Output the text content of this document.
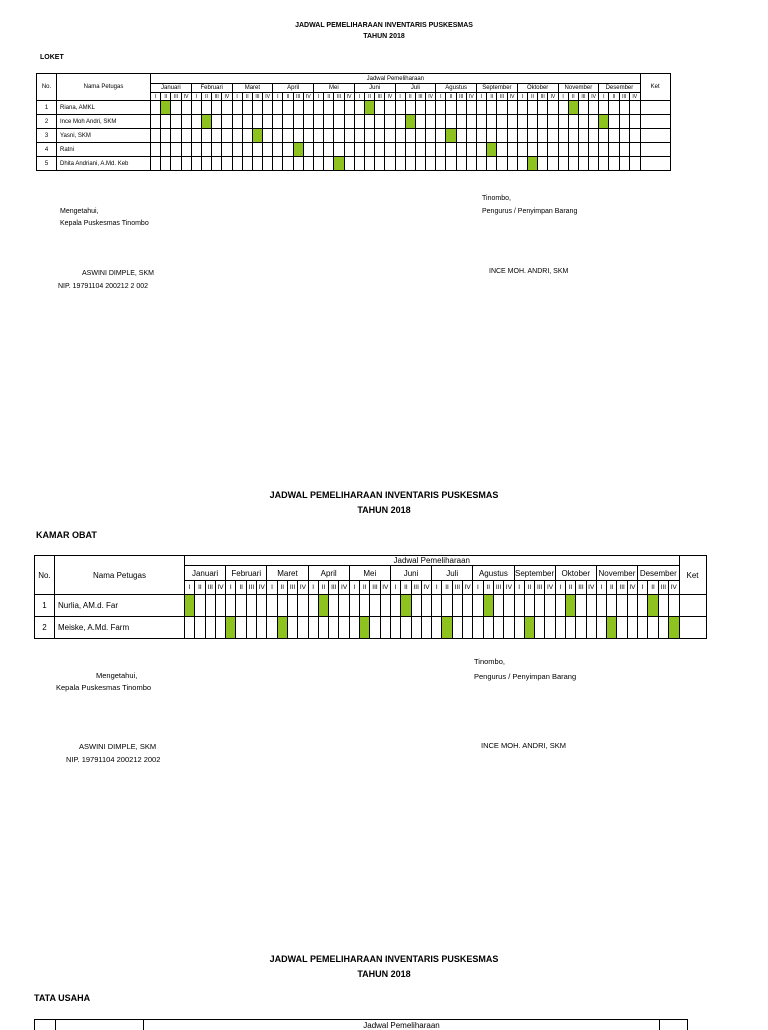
JADWAL PEMELIHARAAN INVENTARIS PUSKESMAS
TAHUN 2018
LOKET
No.	Nama Petugas	Jadwal Pemeliharaan																																																Ket
		Januari				Februari				Maret				April				Mei				Juni				Juli				Agustus				September				Oktober				November				Desember				
		I	II	III	IV	I	II	III	IV	I	II	III	IV	I	II	III	IV	I	II	III	IV	I	II	III	IV	I	II	III	IV	I	II	III	IV	I	II	III	IV	I	II	III	IV	I	II	III	IV	I	II	III	IV	
1	Riana, AMKL																																																	
2	Ince Moh Andri, SKM																																																	
3	Yasni, SKM																																																	
4	Ratni																																																	
5	Dhita Andriani, A.Md. Keb																																																	
Mengetahui,
Kepala Puskesmas Tinombo
ASWINI DIMPLE, SKM
NIP. 19791104 200212 2 002
Tinombo,
Pengurus / Penyimpan Barang
INCE MOH. ANDRI, SKM
JADWAL PEMELIHARAAN INVENTARIS PUSKESMAS
TAHUN 2018
KAMAR OBAT
No.	Nama Petugas	Jadwal Pemeliharaan																																																Ket
		Januari				Februari				Maret				April				Mei				Juni				Juli				Agustus				September				Oktober				November				Desember				
		I	II	III	IV	I	II	III	IV	I	II	III	IV	I	II	III	IV	I	II	III	IV	I	II	III	IV	I	II	III	IV	I	II	III	IV	I	II	III	IV	I	II	III	IV	I	II	III	IV	I	II	III	IV	
1	Nurlia, AM.d. Far																																																	
2	Meiske, A.Md. Farm																																																	
Tinombo,
Pengurus / Penyimpan Barang
Mengetahui,
Kepala Puskesmas Tinombo
ASWINI DIMPLE, SKM
NIP. 19791104 200212 2002
INCE MOH. ANDRI, SKM
JADWAL PEMELIHARAAN INVENTARIS PUSKESMAS
TAHUN 2018
TATA USAHA
Jadwal Pemeliharaan
